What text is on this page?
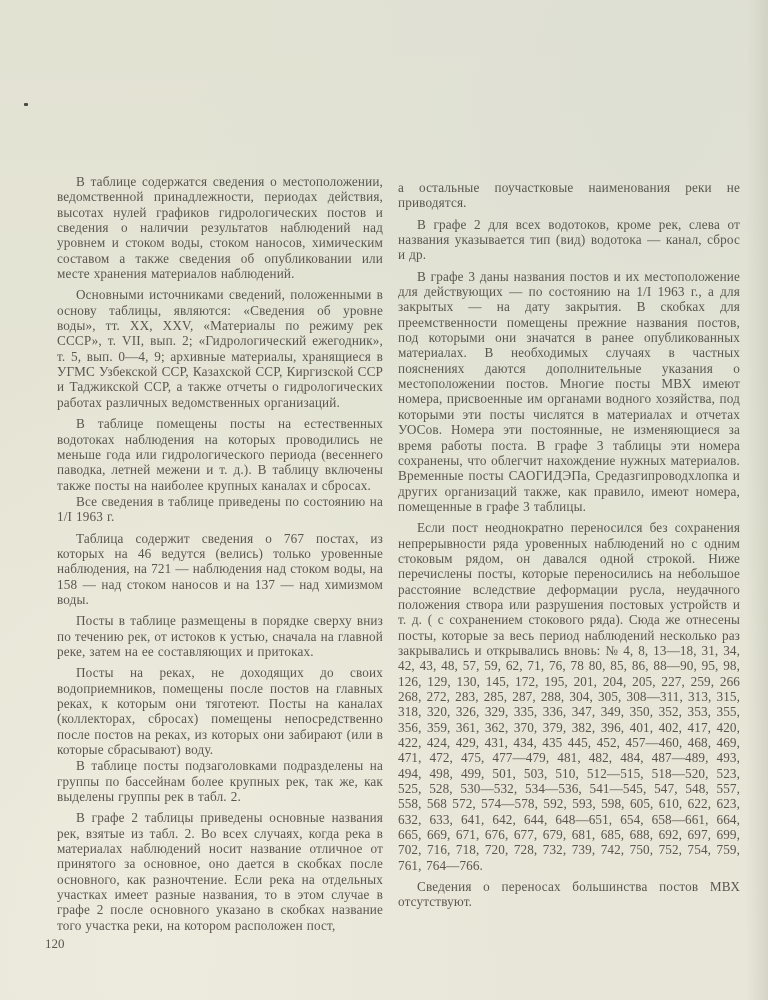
В таблице содержатся сведения о местоположении, ведомственной принадлежности, периодах действия, высотах нулей графиков гидрологических постов и сведения о наличии результатов наблюдений над уровнем и стоком воды, стоком наносов, химическим составом а также сведения об опубликовании или месте хранения материалов наблюдений.

Основными источниками сведений, положенными в основу таблицы, являются: «Сведения об уровне воды», тт. XX, XXV, «Материалы по режиму рек СССР», т. VII, вып. 2; «Гидрологический ежегодник», т. 5, вып. 0—4, 9; архивные материалы, хранящиеся в УГМС Узбекской ССР, Казахской ССР, Киргизской ССР и Таджикской ССР, а также отчеты о гидрологических работах различных ведомственных организаций.

В таблице помещены посты на естественных водотоках наблюдения на которых проводились не меньше года или гидрологического периода (весеннего паводка, летней межени и т. д.). В таблицу включены также посты на наиболее крупных каналах и сбросах.

Все сведения в таблице приведены по состоянию на 1/I 1963 г.

Таблица содержит сведения о 767 постах, из которых на 46 ведутся (велись) только уровенные наблюдения, на 721 — наблюдения над стоком воды, на 158 — над стоком наносов и на 137 — над химизмом воды.

Посты в таблице размещены в порядке сверху вниз по течению рек, от истоков к устью, сначала на главной реке, затем на ее составляющих и притоках.

Посты на реках, не доходящих до своих водоприемников, помещены после постов на главных реках, к которым они тяготеют. Посты на каналах (коллекторах, сбросах) помещены непосредственно после постов на реках, из которых они забирают (или в которые сбрасывают) воду.

В таблице посты подзаголовками подразделены на группы по бассейнам более крупных рек, так же, как выделены группы рек в табл. 2.

В графе 2 таблицы приведены основные названия рек, взятые из табл. 2. Во всех случаях, когда река в материалах наблюдений носит название отличное от принятого за основное, оно дается в скобках после основного, как разночтение. Если река на отдельных участках имеет разные названия, то в этом случае в графе 2 после основного указано в скобках название того участка реки, на котором расположен пост,

а остальные поучастковые наименования реки не приводятся.

В графе 2 для всех водотоков, кроме рек, слева от названия указывается тип (вид) водотока — канал, сброс и др.

В графе 3 даны названия постов и их местоположение для действующих — по состоянию на 1/I 1963 г., а для закрытых — на дату закрытия. В скобках для преемственности помещены прежние названия постов, под которыми они значатся в ранее опубликованных материалах. В необходимых случаях в частных пояснениях даются дополнительные указания о местоположении постов. Многие посты МВХ имеют номера, присвоенные им органами водного хозяйства, под которыми эти посты числятся в материалах и отчетах УОСов. Номера эти постоянные, не изменяющиеся за время работы поста. В графе 3 таблицы эти номера сохранены, что облегчит нахождение нужных материалов. Временные посты САОГИДЭПа, Средазгипроводхлопка и других организаций также, как правило, имеют номера, помещенные в графе 3 таблицы.

Если пост неоднократно переносился без сохранения непрерывности ряда уровенных наблюдений но с одним стоковым рядом, он давался одной строкой. Ниже перечислены посты, которые переносились на небольшое расстояние вследствие деформации русла, неудачного положения створа или разрушения постовых устройств и т. д. ( с сохранением стокового ряда). Сюда же отнесены посты, которые за весь период наблюдений несколько раз закрывались и открывались вновь: № 4, 8, 13—18, 31, 34, 42, 43, 48, 57, 59, 62, 71, 76, 78 80, 85, 86, 88—90, 95, 98, 126, 129, 130, 145, 172, 195, 201, 204, 205, 227, 259, 266 268, 272, 283, 285, 287, 288, 304, 305, 308—311, 313, 315, 318, 320, 326, 329, 335, 336, 347, 349, 350, 352, 353, 355, 356, 359, 361, 362, 370, 379, 382, 396, 401, 402, 417, 420, 422, 424, 429, 431, 434, 435 445, 452, 457—460, 468, 469, 471, 472, 475, 477—479, 481, 482, 484, 487—489, 493, 494, 498, 499, 501, 503, 510, 512—515, 518—520, 523, 525, 528, 530—532, 534—536, 541—545, 547, 548, 557, 558, 568 572, 574—578, 592, 593, 598, 605, 610, 622, 623, 632, 633, 641, 642, 644, 648—651, 654, 658—661, 664, 665, 669, 671, 676, 677, 679, 681, 685, 688, 692, 697, 699, 702, 716, 718, 720, 728, 732, 739, 742, 750, 752, 754, 759, 761, 764—766.

Сведения о переносах большинства постов МВХ отсутствуют.

120
